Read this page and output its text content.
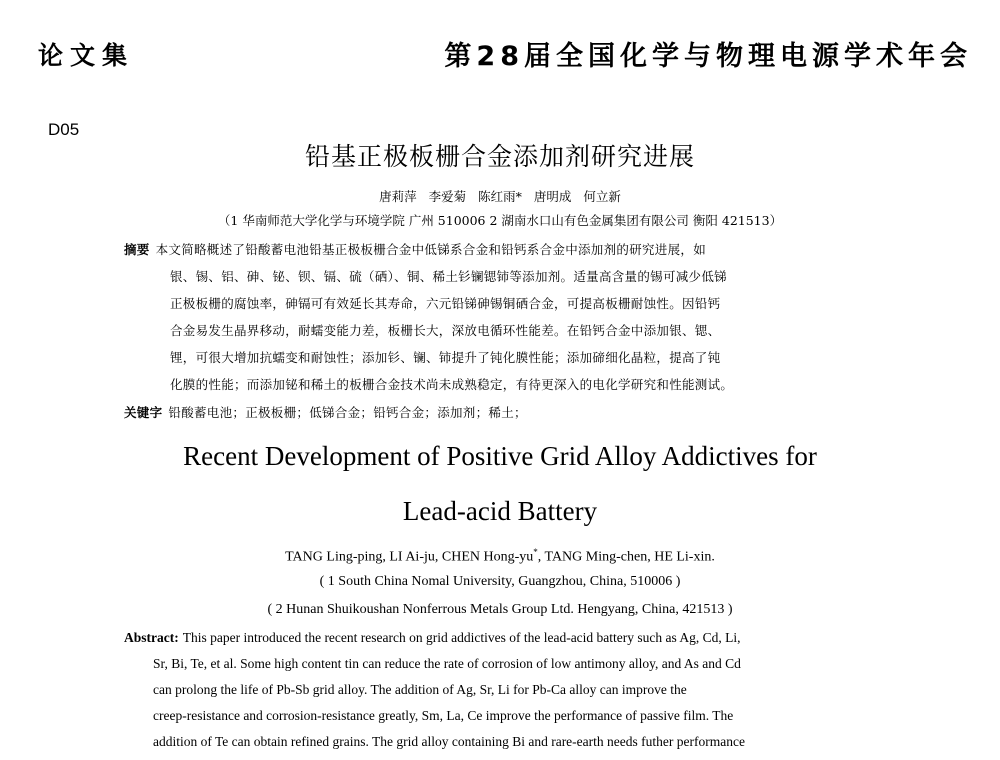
论文集	第28届全国化学与物理电源学术年会
D05
铅基正极板栅合金添加剂研究进展
唐莉萍 李爱菊 陈红雨* 唐明成 何立新
（1 华南师范大学化学与环境学院 广州 510006 2 湖南水口山有色金属集团有限公司 衡阳 421513）
摘要 本文简略概述了铅酸蓄电池铅基正极板栅合金中低锑系合金和铅钙系合金中添加剂的研究进展，如
银、锡、铝、砷、铋、钡、镉、硫（硒）、铜、稀土钐镧锶铈等添加剂。适量高含量的锡可减少低锑
正极板栅的腐蚀率，砷镉可有效延长其寿命，六元铅锑砷锡铜硒合金，可提高板栅耐蚀性。因铅钙
合金易发生晶界移动，耐蠕变能力差，板栅长大，深放电循环性能差。在铅钙合金中添加银、锶、
锂，可很大增加抗蠕变和耐蚀性；添加钐、镧、铈提升了钝化膜性能；添加碲细化晶粒，提高了钝
化膜的性能；而添加铋和稀土的板栅合金技术尚未成熟稳定，有待更深入的电化学研究和性能测试。
关键字 铅酸蓄电池；正极板栅；低锑合金；铅钙合金；添加剂；稀土；
Recent Development of Positive Grid Alloy Addictives for
Lead-acid Battery
TANG Ling-ping, LI Ai-ju, CHEN Hong-yu*, TANG Ming-chen, HE Li-xin.
( 1 South China Nomal University, Guangzhou, China, 510006 )
( 2 Hunan Shuikoushan Nonferrous Metals Group Ltd. Hengyang, China, 421513 )
Abstract: This paper introduced the recent research on grid addictives of the lead-acid battery such as Ag, Cd, Li,
Sr, Bi, Te, et al. Some high content tin can reduce the rate of corrosion of low antimony alloy, and As and Cd
can prolong the life of Pb-Sb grid alloy. The addition of Ag, Sr, Li for Pb-Ca alloy can improve the
creep-resistance and corrosion-resistance greatly, Sm, La, Ce improve the performance of passive film. The
addition of Te can obtain refined grains. The grid alloy containing Bi and rare-earth needs futher performance
